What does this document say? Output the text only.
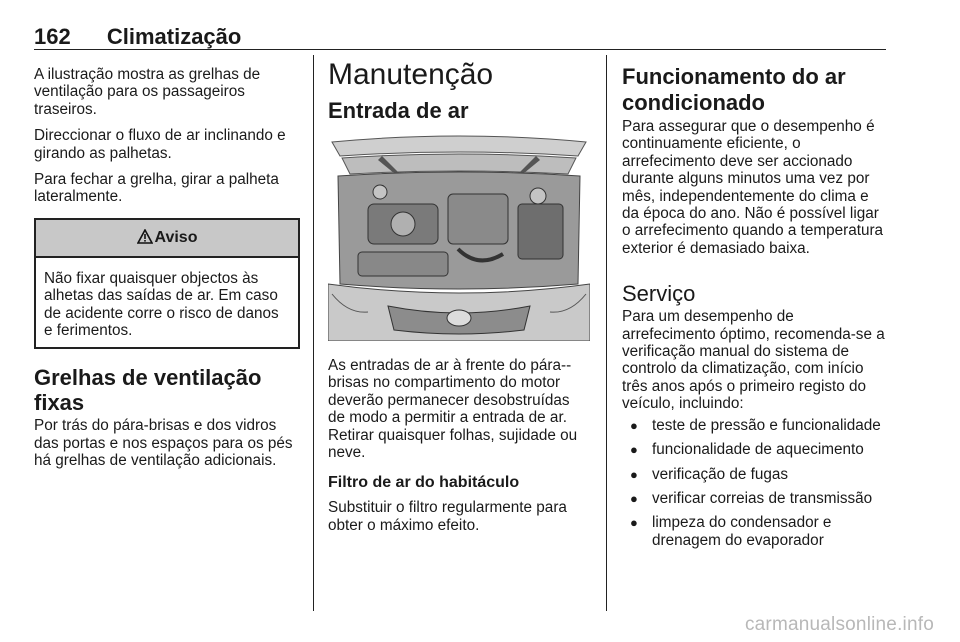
162 Climatização

A ilustração mostra as grelhas de ventilação para os passageiros traseiros.

Direccionar o fluxo de ar inclinando e girando as palhetas.

Para fechar a grelha, girar a palheta lateralmente.

Aviso
Não fixar quaisquer objectos às alhetas das saídas de ar. Em caso de acidente corre o risco de danos e ferimentos.
Grelhas de ventilação fixas

Por trás do pára-brisas e dos vidros das portas e nos espaços para os pés há grelhas de ventilação adicionais.

Manutenção
Entrada de ar

As entradas de ar à frente do pára--brisas no compartimento do motor deverão permanecer desobstruídas de modo a permitir a entrada de ar. Retirar quaisquer folhas, sujidade ou neve.

Filtro de ar do habitáculo

Substituir o filtro regularmente para obter o máximo efeito.

Funcionamento do ar condicionado

Para assegurar que o desempenho é continuamente eficiente, o arrefecimento deve ser accionado durante alguns minutos uma vez por mês, independentemente do clima e da época do ano. Não é possível ligar o arrefecimento quando a temperatura exterior é demasiado baixa.

Serviço

Para um desempenho de arrefecimento óptimo, recomenda-se a verificação manual do sistema de controlo da climatização, com início três anos após o primeiro registo do veículo, incluindo:

● teste de pressão e funcionalidade
● funcionalidade de aquecimento
● verificação de fugas
● verificar correias de transmissão
● limpeza do condensador e drenagem do evaporador
carmanualsonline.info
